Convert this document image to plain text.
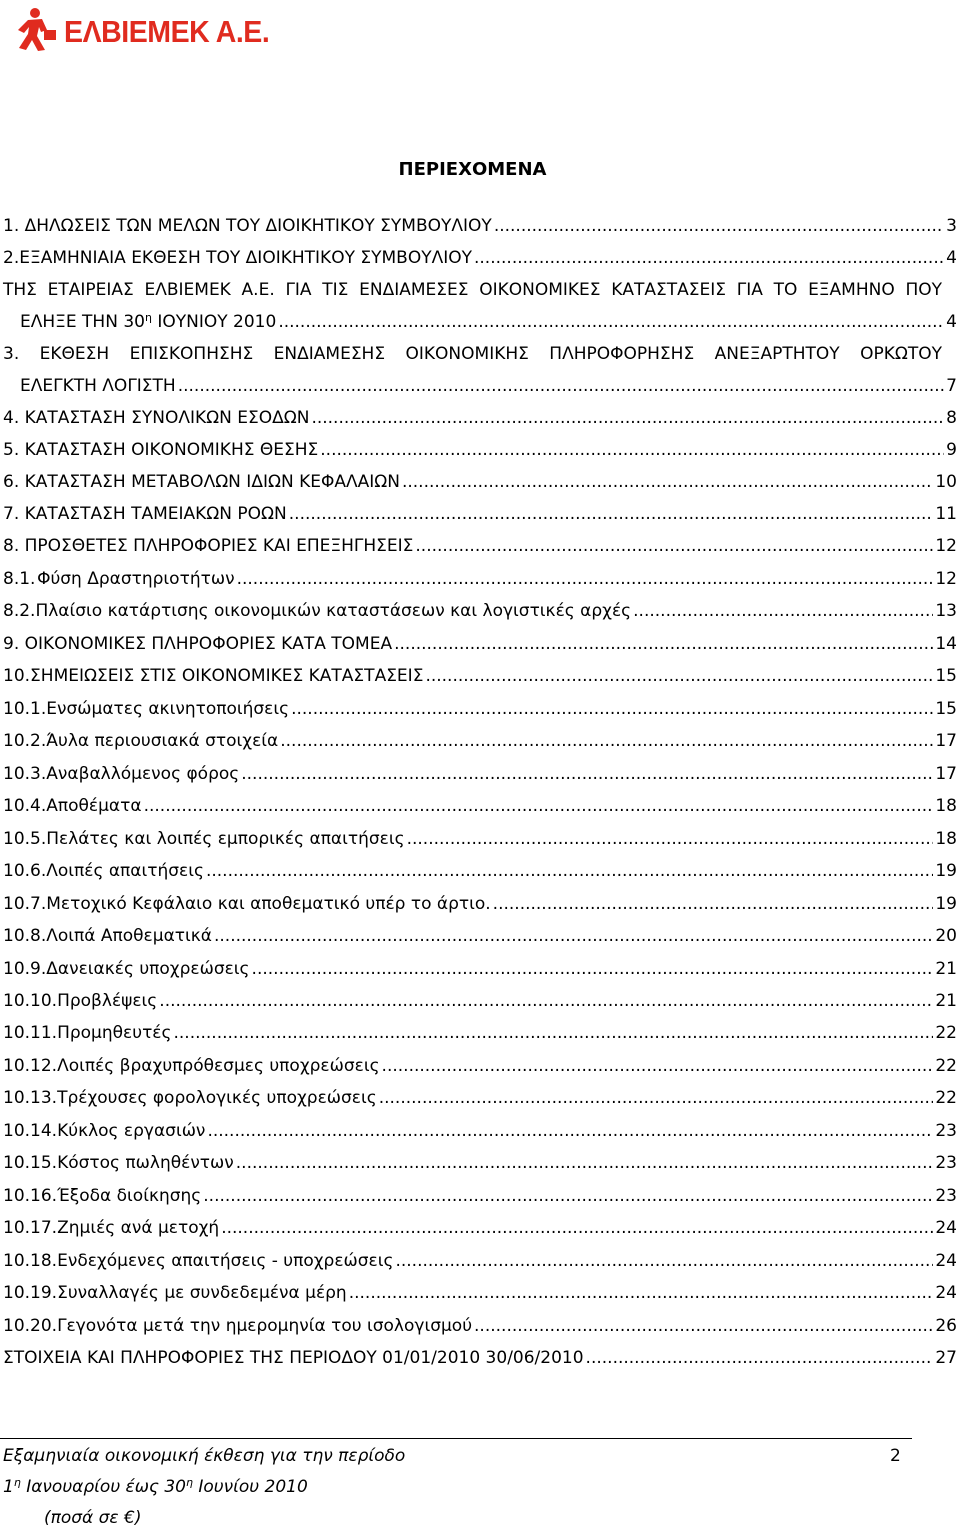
ΕΛΒΙΕΜΕΚ Α.Ε.
ΠΕΡΙΕΧΟΜΕΝΑ
1. ΔΗΛΩΣΕΙΣ ΤΩΝ ΜΕΛΩΝ ΤΟΥ ΔΙΟΙΚΗΤΙΚΟΥ ΣΥΜΒΟΥΛΙΟΥ .....	3
2.ΕΞΑΜΗΝΙΑΙΑ ΕΚΘΕΣΗ ΤΟΥ ΔΙΟΙΚΗΤΙΚΟΥ ΣΥΜΒΟΥΛΙΟΥ .....	4
ΤΗΣ ΕΤΑΙΡΕΙΑΣ ΕΛΒΙΕΜΕΚ Α.Ε. ΓΙΑ ΤΙΣ ΕΝΔΙΑΜΕΣΕΣ ΟΙΚΟΝΟΜΙΚΕΣ ΚΑΤΑΣΤΑΣΕΙΣ ΓΙΑ ΤΟ ΕΞΑΜΗΝΟ ΠΟΥ
ΕΛΗΞΕ ΤΗΝ $30^\eta$ ΙΟΥΝΙΟΥ 2010 .....	4
3. ΕΚΘΕΣΗ ΕΠΙΣΚΟΠΗΣΗΣ ΕΝΔΙΑΜΕΣΗΣ ΟΙΚΟΝΟΜΙΚΗΣ ΠΛΗΡΟΦΟΡΗΣΗΣ ΑΝΕΞΑΡΤΗΤΟΥ ΟΡΚΩΤΟΥ
ΕΛΕΓΚΤΗ ΛΟΓΙΣΤΗ .....	7
4. ΚΑΤΑΣΤΑΣΗ ΣΥΝΟΛΙΚΩΝ ΕΣΟΔΩΝ .....	8
5. ΚΑΤΑΣΤΑΣΗ ΟΙΚΟΝΟΜΙΚΗΣ ΘΕΣΗΣ .....	9
6. ΚΑΤΑΣΤΑΣΗ ΜΕΤΑΒΟΛΩΝ ΙΔΙΩΝ ΚΕΦΑΛΑΙΩΝ .....	10
7. ΚΑΤΑΣΤΑΣΗ ΤΑΜΕΙΑΚΩΝ ΡΟΩΝ .....	11
8. ΠΡΟΣΘΕΤΕΣ ΠΛΗΡΟΦΟΡΙΕΣ ΚΑΙ ΕΠΕΞΗΓΗΣΕΙΣ .....	12
8.1. Φύση Δραστηριοτήτων .....	12
8.2. Πλαίσιο κατάρτισης οικονομικών καταστάσεων και λογιστικές αρχές .....	13
9. ΟΙΚΟΝΟΜΙΚΕΣ ΠΛΗΡΟΦΟΡΙΕΣ ΚΑΤΑ ΤΟΜΕΑ .....	14
10. ΣΗΜΕΙΩΣΕΙΣ ΣΤΙΣ ΟΙΚΟΝΟΜΙΚΕΣ ΚΑΤΑΣΤΑΣΕΙΣ .....	15
10.1. Ενσώματες ακινητοποιήσεις .....	15
10.2. Άυλα περιουσιακά στοιχεία .....	17
10.3. Αναβαλλόμενος φόρος .....	17
10.4. Αποθέματα .....	18
10.5. Πελάτες και λοιπές εμπορικές απαιτήσεις .....	18
10.6. Λοιπές απαιτήσεις .....	19
10.7. Μετοχικό Κεφάλαιο και αποθεματικό υπέρ το άρτιο. .....	19
10.8. Λοιπά Αποθεματικά .....	20
10.9. Δανειακές υποχρεώσεις .....	21
10.10. Προβλέψεις .....	21
10.11. Προμηθευτές .....	22
10.12. Λοιπές βραχυπρόθεσμες υποχρεώσεις .....	22
10.13. Τρέχουσες φορολογικές υποχρεώσεις .....	22
10.14. Κύκλος εργασιών .....	23
10.15. Κόστος πωληθέντων .....	23
10.16. Έξοδα διοίκησης .....	23
10.17. Ζημιές ανά μετοχή .....	24
10.18. Ενδεχόμενες απαιτήσεις - υποχρεώσεις .....	24
10.19. Συναλλαγές με συνδεδεμένα μέρη .....	24
10.20. Γεγονότα μετά την ημερομηνία του ισολογισμού .....	26
ΣΤΟΙΧΕΙΑ ΚΑΙ ΠΛΗΡΟΦΟΡΙΕΣ ΤΗΣ ΠΕΡΙΟΔΟΥ 01/01/2010 30/06/2010 .....	27
Εξαμηνιαία οικονομική έκθεση για την περίοδο	2
$1^\eta$ Ιανουαρίου έως $30^\eta$ Ιουνίου 2010
(ποσά σε €)
